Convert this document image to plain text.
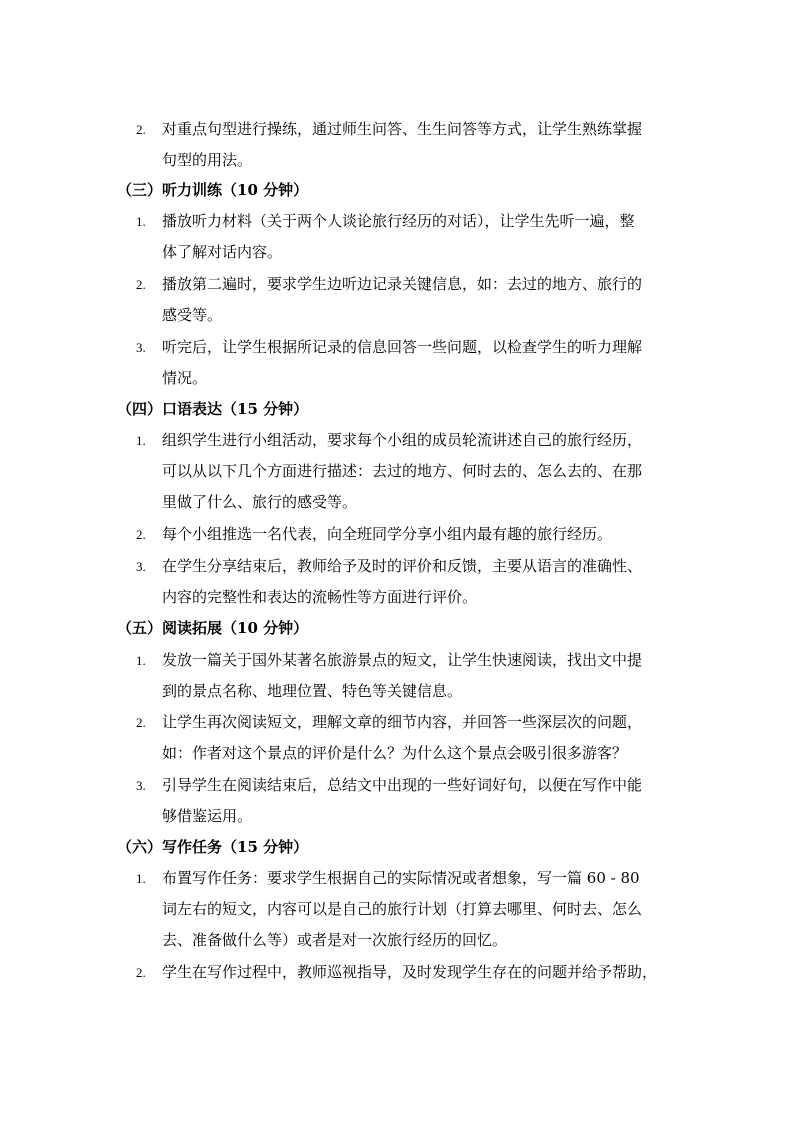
（三）听力训练（10 分钟）
（四）口语表达（15 分钟）
（五）阅读拓展（10 分钟）
（六）写作任务（15 分钟）
2. 对重点句型进行操练，通过师生问答、生生问答等方式，让学生熟练掌握
句型的用法。
1. 播放听力材料（关于两个人谈论旅行经历的对话），让学生先听一遍，整
体了解对话内容。
2. 播放第二遍时，要求学生边听边记录关键信息，如：去过的地方、旅行的
感受等。
3. 听完后，让学生根据所记录的信息回答一些问题，以检查学生的听力理解
情况。
1. 组织学生进行小组活动，要求每个小组的成员轮流讲述自己的旅行经历，
可以从以下几个方面进行描述：去过的地方、何时去的、怎么去的、在那
里做了什么、旅行的感受等。
2. 每个小组推选一名代表，向全班同学分享小组内最有趣的旅行经历。
3. 在学生分享结束后，教师给予及时的评价和反馈，主要从语言的准确性、
内容的完整性和表达的流畅性等方面进行评价。
1. 发放一篇关于国外某著名旅游景点的短文，让学生快速阅读，找出文中提
到的景点名称、地理位置、特色等关键信息。
2. 让学生再次阅读短文，理解文章的细节内容，并回答一些深层次的问题，
如：作者对这个景点的评价是什么？为什么这个景点会吸引很多游客？
3. 引导学生在阅读结束后，总结文中出现的一些好词好句，以便在写作中能
够借鉴运用。
1. 布置写作任务：要求学生根据自己的实际情况或者想象，写一篇 60 - 80
词左右的短文，内容可以是自己的旅行计划（打算去哪里、何时去、怎么
去、准备做什么等）或者是对一次旅行经历的回忆。
2. 学生在写作过程中，教师巡视指导，及时发现学生存在的问题并给予帮助，
